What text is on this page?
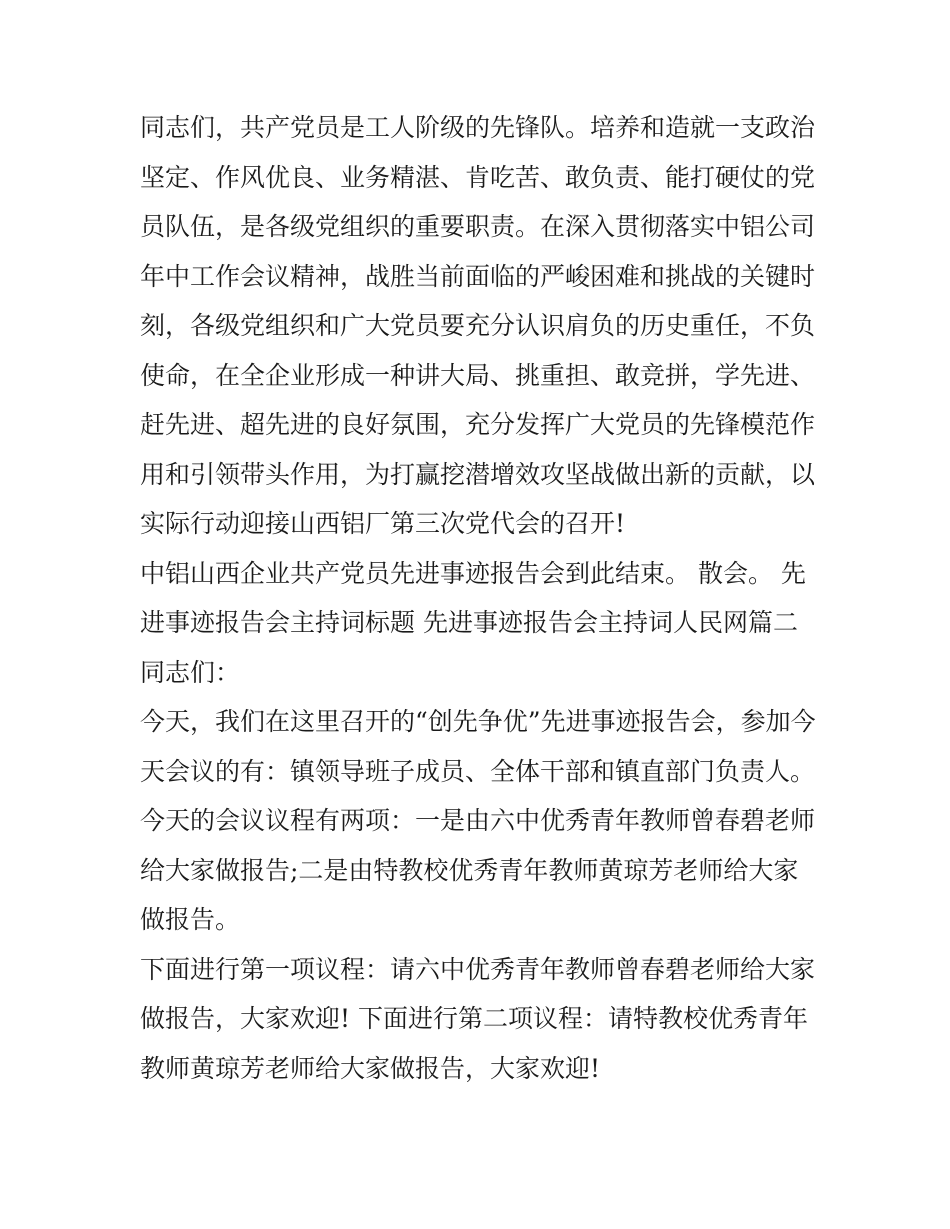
同志们，共产党员是工人阶级的先锋队。培养和造就一支政治
坚定、作风优良、业务精湛、肯吃苦、敢负责、能打硬仗的党
员队伍，是各级党组织的重要职责。在深入贯彻落实中铝公司
年中工作会议精神，战胜当前面临的严峻困难和挑战的关键时
刻，各级党组织和广大党员要充分认识肩负的历史重任，不负
使命，在全企业形成一种讲大局、挑重担、敢竞拼，学先进、
赶先进、超先进的良好氛围，充分发挥广大党员的先锋模范作
用和引领带头作用，为打赢挖潜增效攻坚战做出新的贡献，以
实际行动迎接山西铝厂第三次党代会的召开!
中铝山西企业共产党员先进事迹报告会到此结束。 散会。 先
进事迹报告会主持词标题 先进事迹报告会主持词人民网篇二
同志们：
今天，我们在这里召开的“创先争优”先进事迹报告会，参加今
天会议的有：镇领导班子成员、全体干部和镇直部门负责人。
今天的会议议程有两项：一是由六中优秀青年教师曾春碧老师
给大家做报告;二是由特教校优秀青年教师黄琼芳老师给大家
做报告。
下面进行第一项议程：请六中优秀青年教师曾春碧老师给大家
做报告，大家欢迎! 下面进行第二项议程：请特教校优秀青年
教师黄琼芳老师给大家做报告，大家欢迎!
